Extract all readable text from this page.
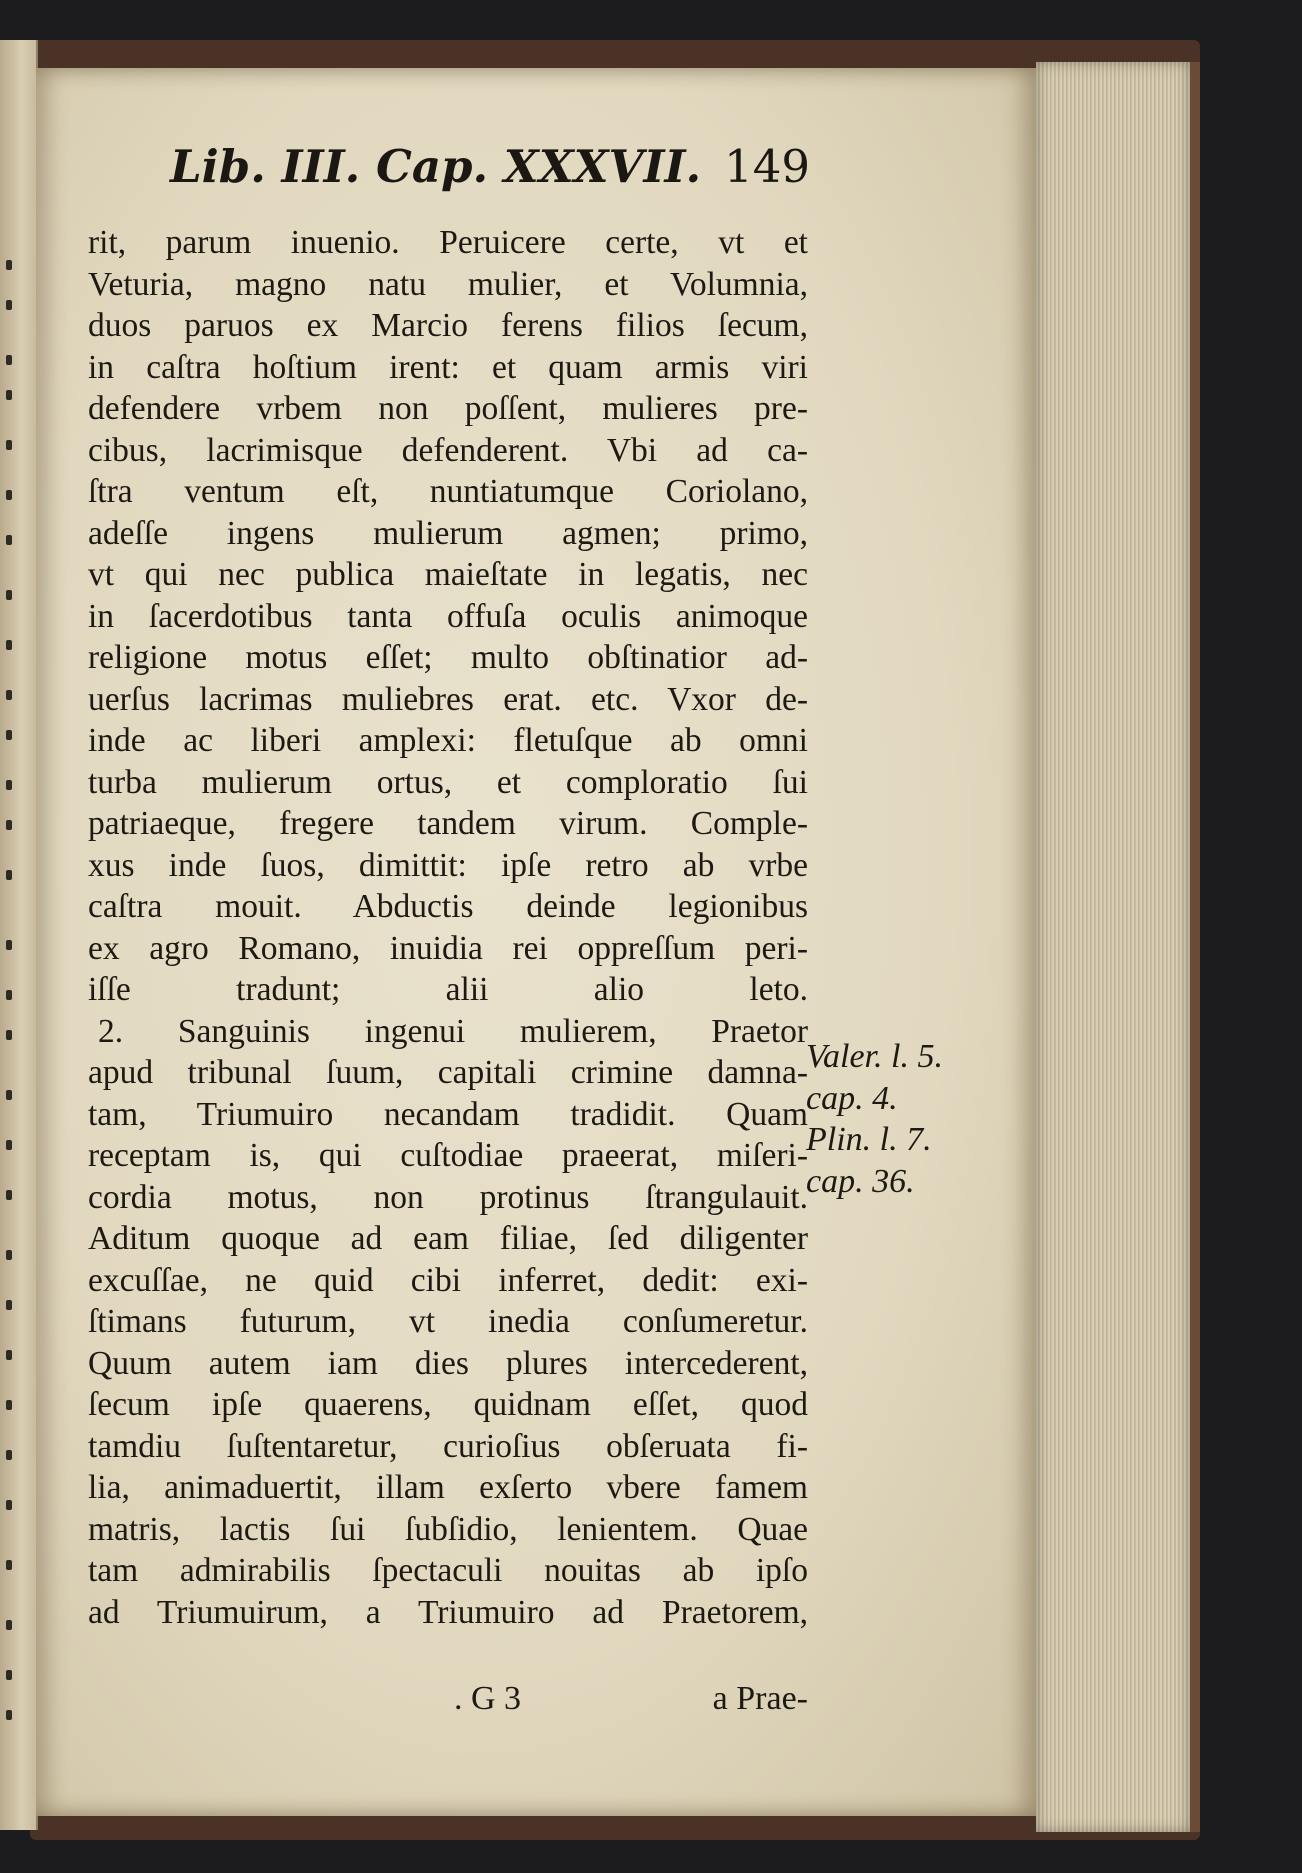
Lib. III. Cap. XXXVII. 149
rit, parum inuenio. Peruicere certe, vt et
Veturia, magno natu mulier, et Volumnia,
duos paruos ex Marcio ferens filios ſecum,
in caſtra hoſtium irent: et quam armis viri
defendere vrbem non poſſent, mulieres pre-
cibus, lacrimisque defenderent. Vbi ad ca-
ſtra ventum eſt, nuntiatumque Coriolano,
adeſſe ingens mulierum agmen; primo,
vt qui nec publica maieſtate in legatis, nec
in ſacerdotibus tanta offuſa oculis animoque
religione motus eſſet; multo obſtinatior ad-
uerſus lacrimas muliebres erat. etc. Vxor de-
inde ac liberi amplexi: fletuſque ab omni
turba mulierum ortus, et comploratio ſui
patriaeque, fregere tandem virum. Comple-
xus inde ſuos, dimittit: ipſe retro ab vrbe
caſtra mouit. Abductis deinde legionibus
ex agro Romano, inuidia rei oppreſſum peri-
iſſe tradunt; alii alio leto.
2. Sanguinis ingenui mulierem, Praetor
apud tribunal ſuum, capitali crimine damna-
tam, Triumuiro necandam tradidit. Quam
receptam is, qui cuſtodiae praeerat, miſeri-
cordia motus, non protinus ſtrangulauit.
Aditum quoque ad eam filiae, ſed diligenter
excuſſae, ne quid cibi inferret, dedit: exi-
ſtimans futurum, vt inedia conſumeretur.
Quum autem iam dies plures intercederent,
ſecum ipſe quaerens, quidnam eſſet, quod
tamdiu ſuſtentaretur, curioſius obſeruata fi-
lia, animaduertit, illam exſerto vbere famem
matris, lactis ſui ſubſidio, lenientem. Quae
tam admirabilis ſpectaculi nouitas ab ipſo
ad Triumuirum, a Triumuiro ad Praetorem,
Valer. l. 5.
cap. 4.
Plin. l. 7.
cap. 36.
. G 3	a Prae-
